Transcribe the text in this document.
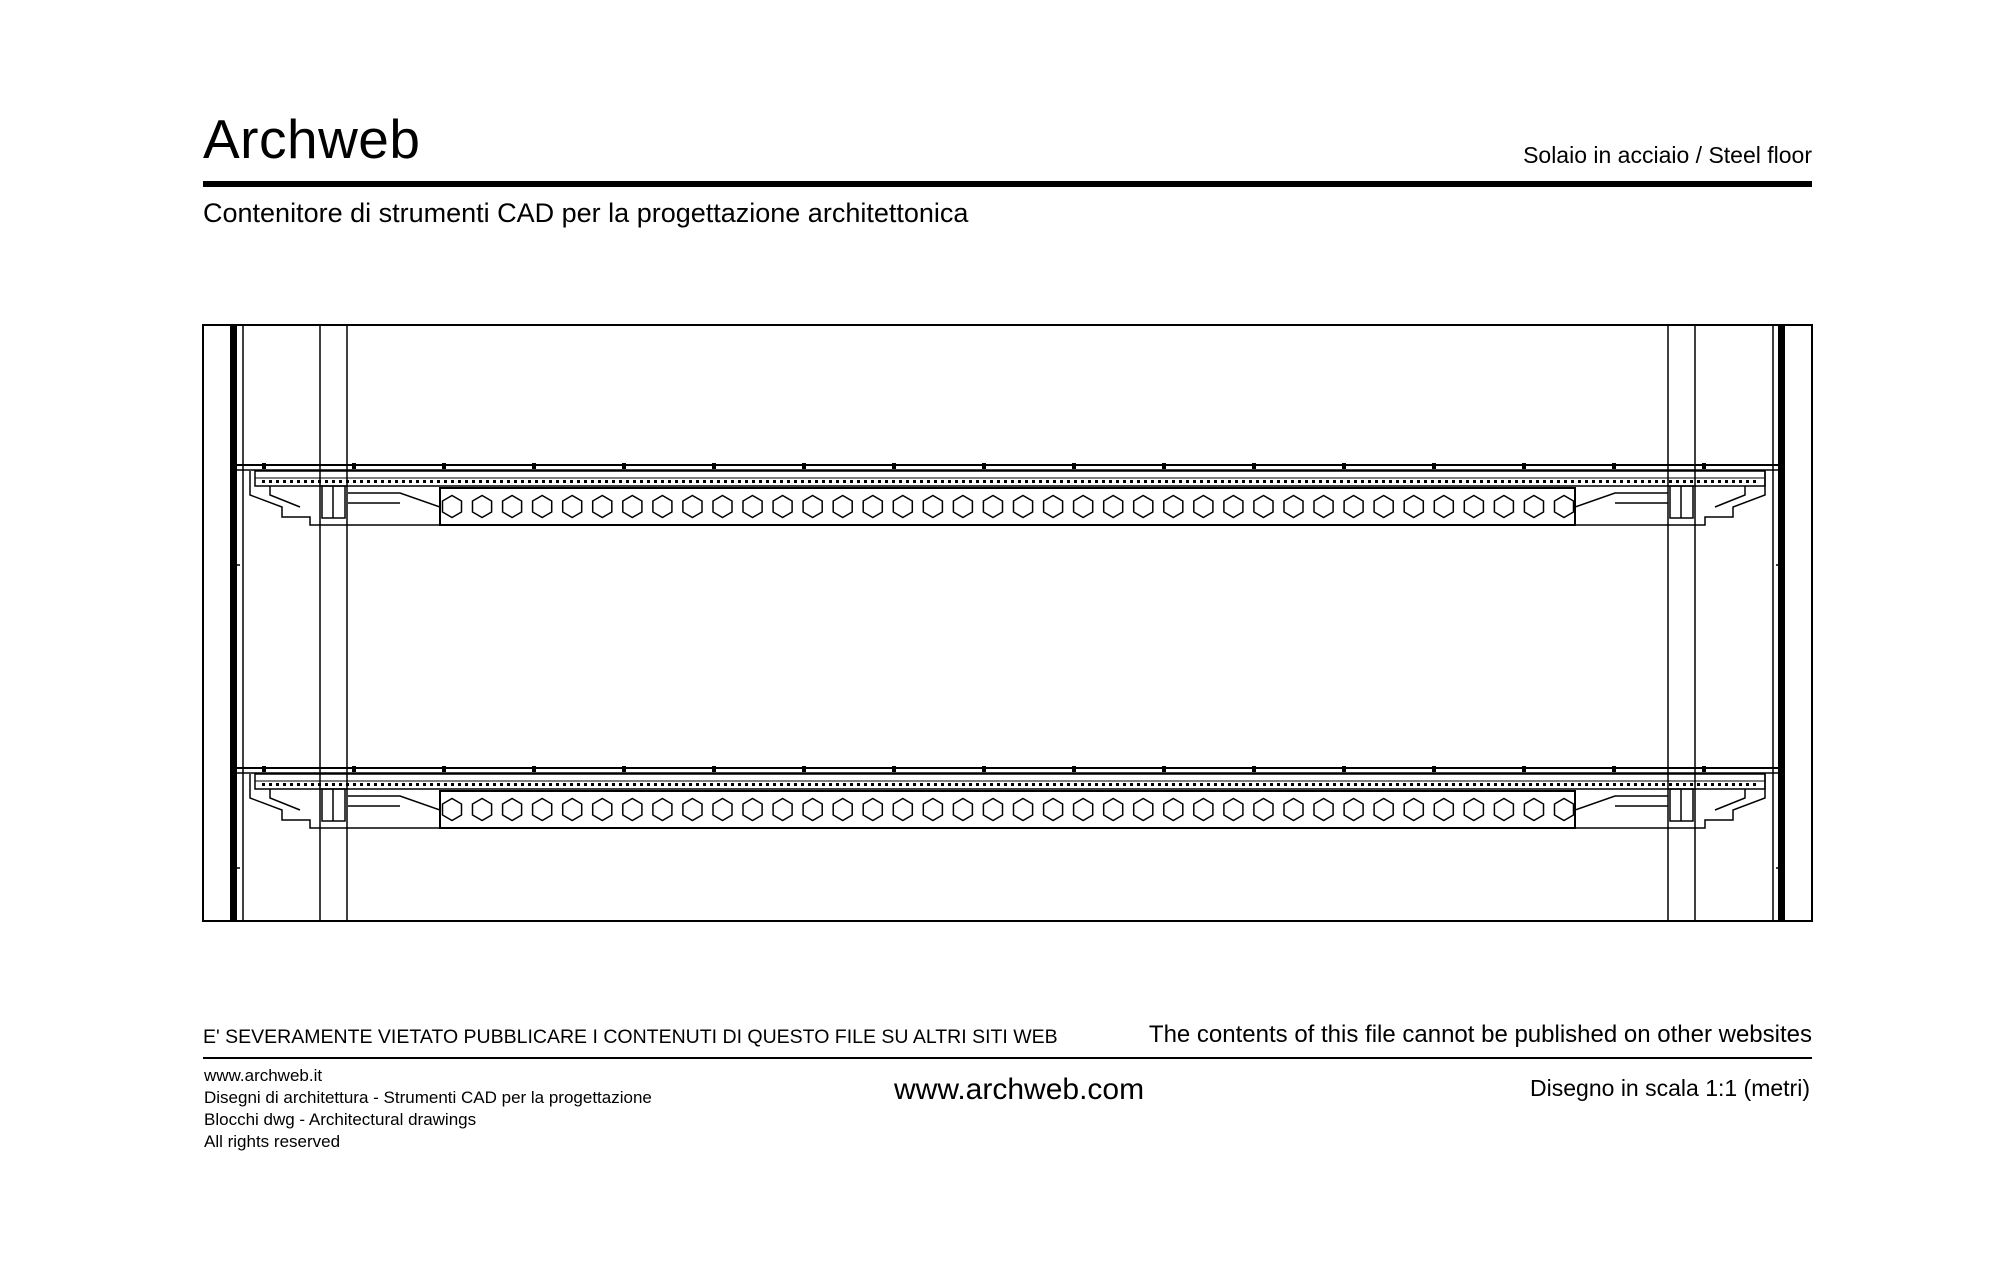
Archweb	Solaio in acciaio / Steel floor
Contenitore di strumenti CAD per la progettazione architettonica
E' SEVERAMENTE VIETATO PUBBLICARE I CONTENUTI DI QUESTO FILE SU ALTRI SITI WEB	The contents of this file cannot be published on other websites
www.archweb.it
Disegni di architettura - Strumenti CAD per la progettazione
Blocchi dwg - Architectural drawings
All rights reserved
www.archweb.com	Disegno in scala 1:1 (metri)
